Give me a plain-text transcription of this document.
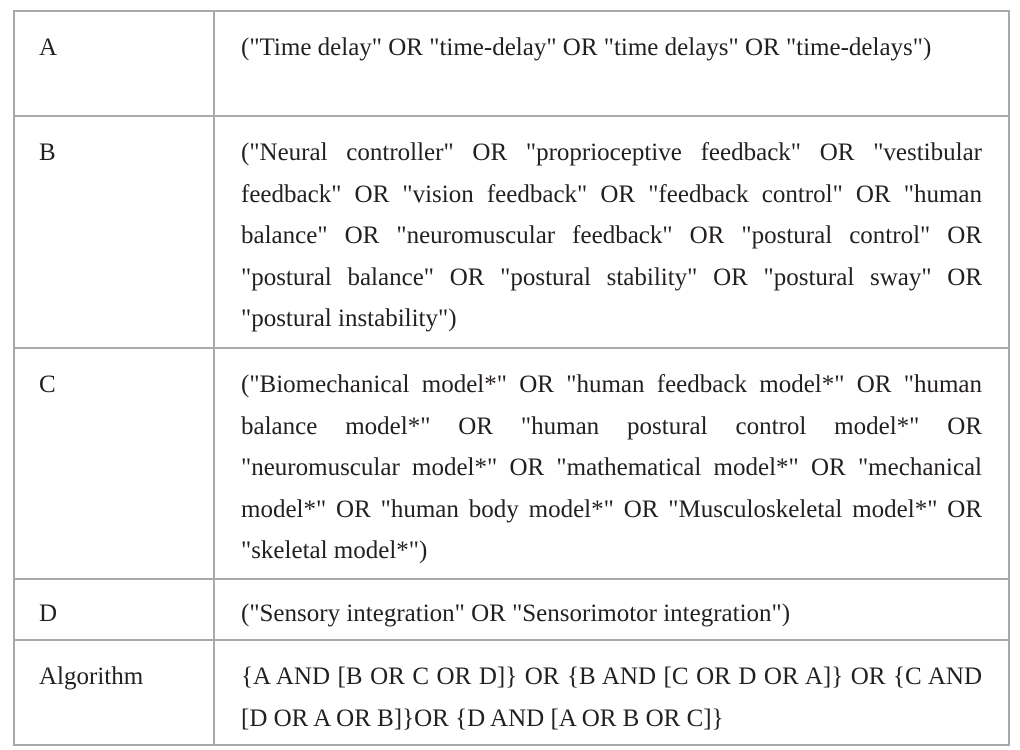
A	("Time delay" OR "time-delay" OR "time delays" OR "time-delays")
B	("Neural controller" OR "proprioceptive feedback" OR "vestibular feedback" OR "vision feedback" OR "feedback control" OR "human balance" OR "neuromuscular feedback" OR "postural control" OR "postural balance" OR "postural stability" OR "postural sway" OR "postural instability")
C	("Biomechanical model*" OR "human feedback model*" OR "human balance model*" OR "human postural control model*" OR "neuromuscular model*" OR "mathematical model*" OR "mechanical model*" OR "human body model*" OR "Musculoskeletal model*" OR "skeletal model*")
D	("Sensory integration" OR "Sensorimotor integration")
Algorithm	{A AND [B OR C OR D]} OR {B AND [C OR D OR A]} OR {C AND [D OR A OR B]}OR {D AND [A OR B OR C]}
